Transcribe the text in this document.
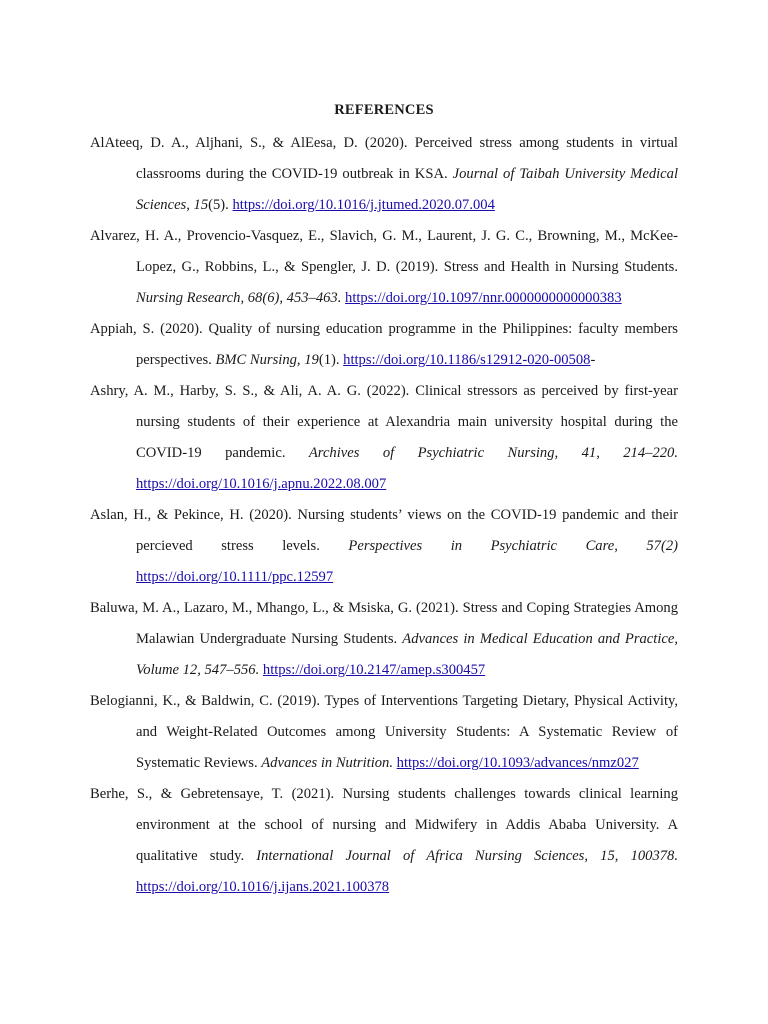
REFERENCES

AlAteeq, D. A., Aljhani, S., & AlEesa, D. (2020). Perceived stress among students in virtual classrooms during the COVID-19 outbreak in KSA. Journal of Taibah University Medical Sciences, 15(5). https://doi.org/10.1016/j.jtumed.2020.07.004

Alvarez, H. A., Provencio-Vasquez, E., Slavich, G. M., Laurent, J. G. C., Browning, M., McKee-Lopez, G., Robbins, L., & Spengler, J. D. (2019). Stress and Health in Nursing Students. Nursing Research, 68(6), 453–463. https://doi.org/10.1097/nnr.0000000000000383

Appiah, S. (2020). Quality of nursing education programme in the Philippines: faculty members perspectives. BMC Nursing, 19(1). https://doi.org/10.1186/s12912-020-00508-

Ashry, A. M., Harby, S. S., & Ali, A. A. G. (2022). Clinical stressors as perceived by first-year nursing students of their experience at Alexandria main university hospital during the COVID-19 pandemic. Archives of Psychiatric Nursing, 41, 214–220. https://doi.org/10.1016/j.apnu.2022.08.007

Aslan, H., & Pekince, H. (2020). Nursing students’ views on the COVID-19 pandemic and their percieved stress levels. Perspectives in Psychiatric Care, 57(2) https://doi.org/10.1111/ppc.12597

Baluwa, M. A., Lazaro, M., Mhango, L., & Msiska, G. (2021). Stress and Coping Strategies Among Malawian Undergraduate Nursing Students. Advances in Medical Education and Practice, Volume 12, 547–556. https://doi.org/10.2147/amep.s300457

Belogianni, K., & Baldwin, C. (2019). Types of Interventions Targeting Dietary, Physical Activity, and Weight-Related Outcomes among University Students: A Systematic Review of Systematic Reviews. Advances in Nutrition. https://doi.org/10.1093/advances/nmz027

Berhe, S., & Gebretensaye, T. (2021). Nursing students challenges towards clinical learning environment at the school of nursing and Midwifery in Addis Ababa University. A qualitative study. International Journal of Africa Nursing Sciences, 15, 100378. https://doi.org/10.1016/j.ijans.2021.100378
